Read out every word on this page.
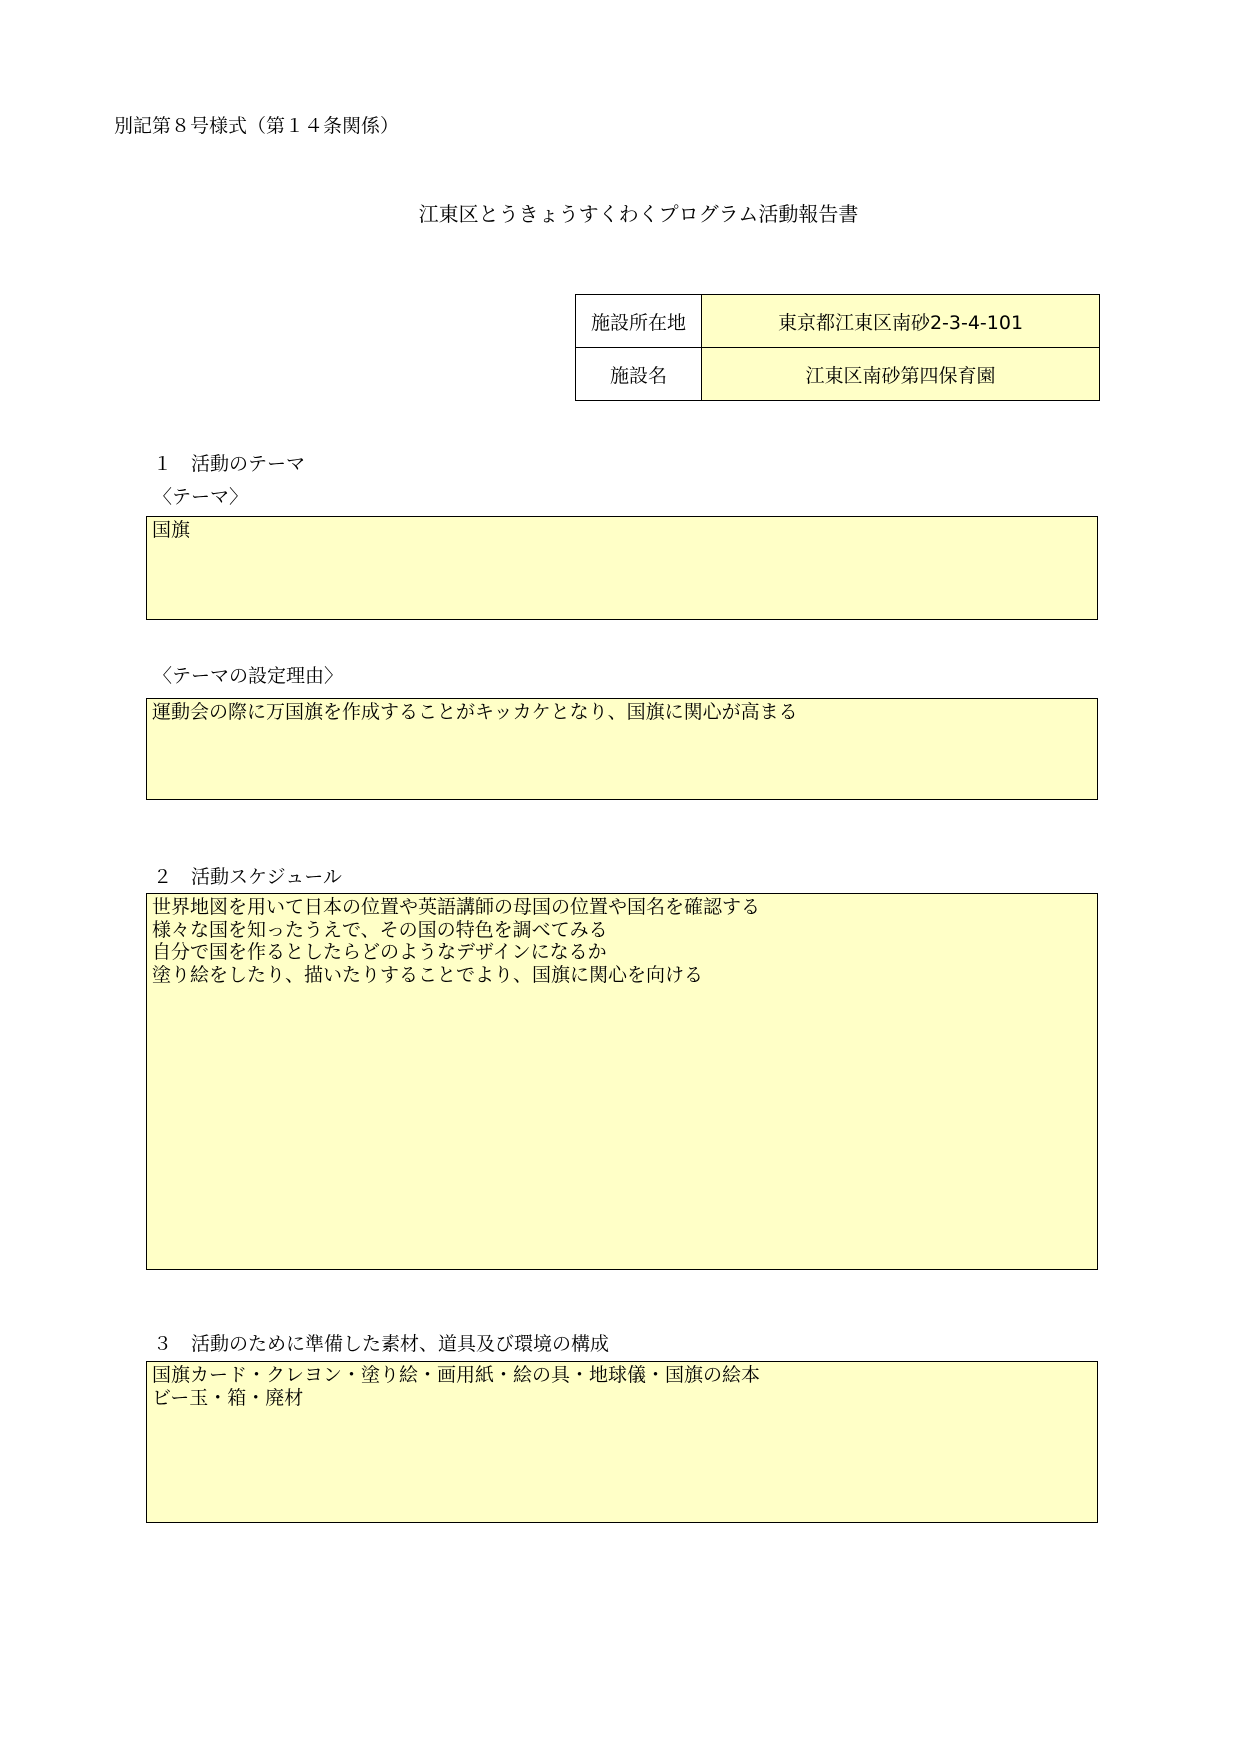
別記第８号様式（第１４条関係）
江東区とうきょうすくわくプログラム活動報告書
施設所在地	東京都江東区南砂2-3-4-101
施設名	江東区南砂第四保育園
１　活動のテーマ
〈テーマ〉
国旗
〈テーマの設定理由〉
運動会の際に万国旗を作成することがキッカケとなり、国旗に関心が高まる
２　活動スケジュール
世界地図を用いて日本の位置や英語講師の母国の位置や国名を確認する
様々な国を知ったうえで、その国の特色を調べてみる
自分で国を作るとしたらどのようなデザインになるか
塗り絵をしたり、描いたりすることでより、国旗に関心を向ける
３　活動のために準備した素材、道具及び環境の構成
国旗カード・クレヨン・塗り絵・画用紙・絵の具・地球儀・国旗の絵本
ビー玉・箱・廃材
